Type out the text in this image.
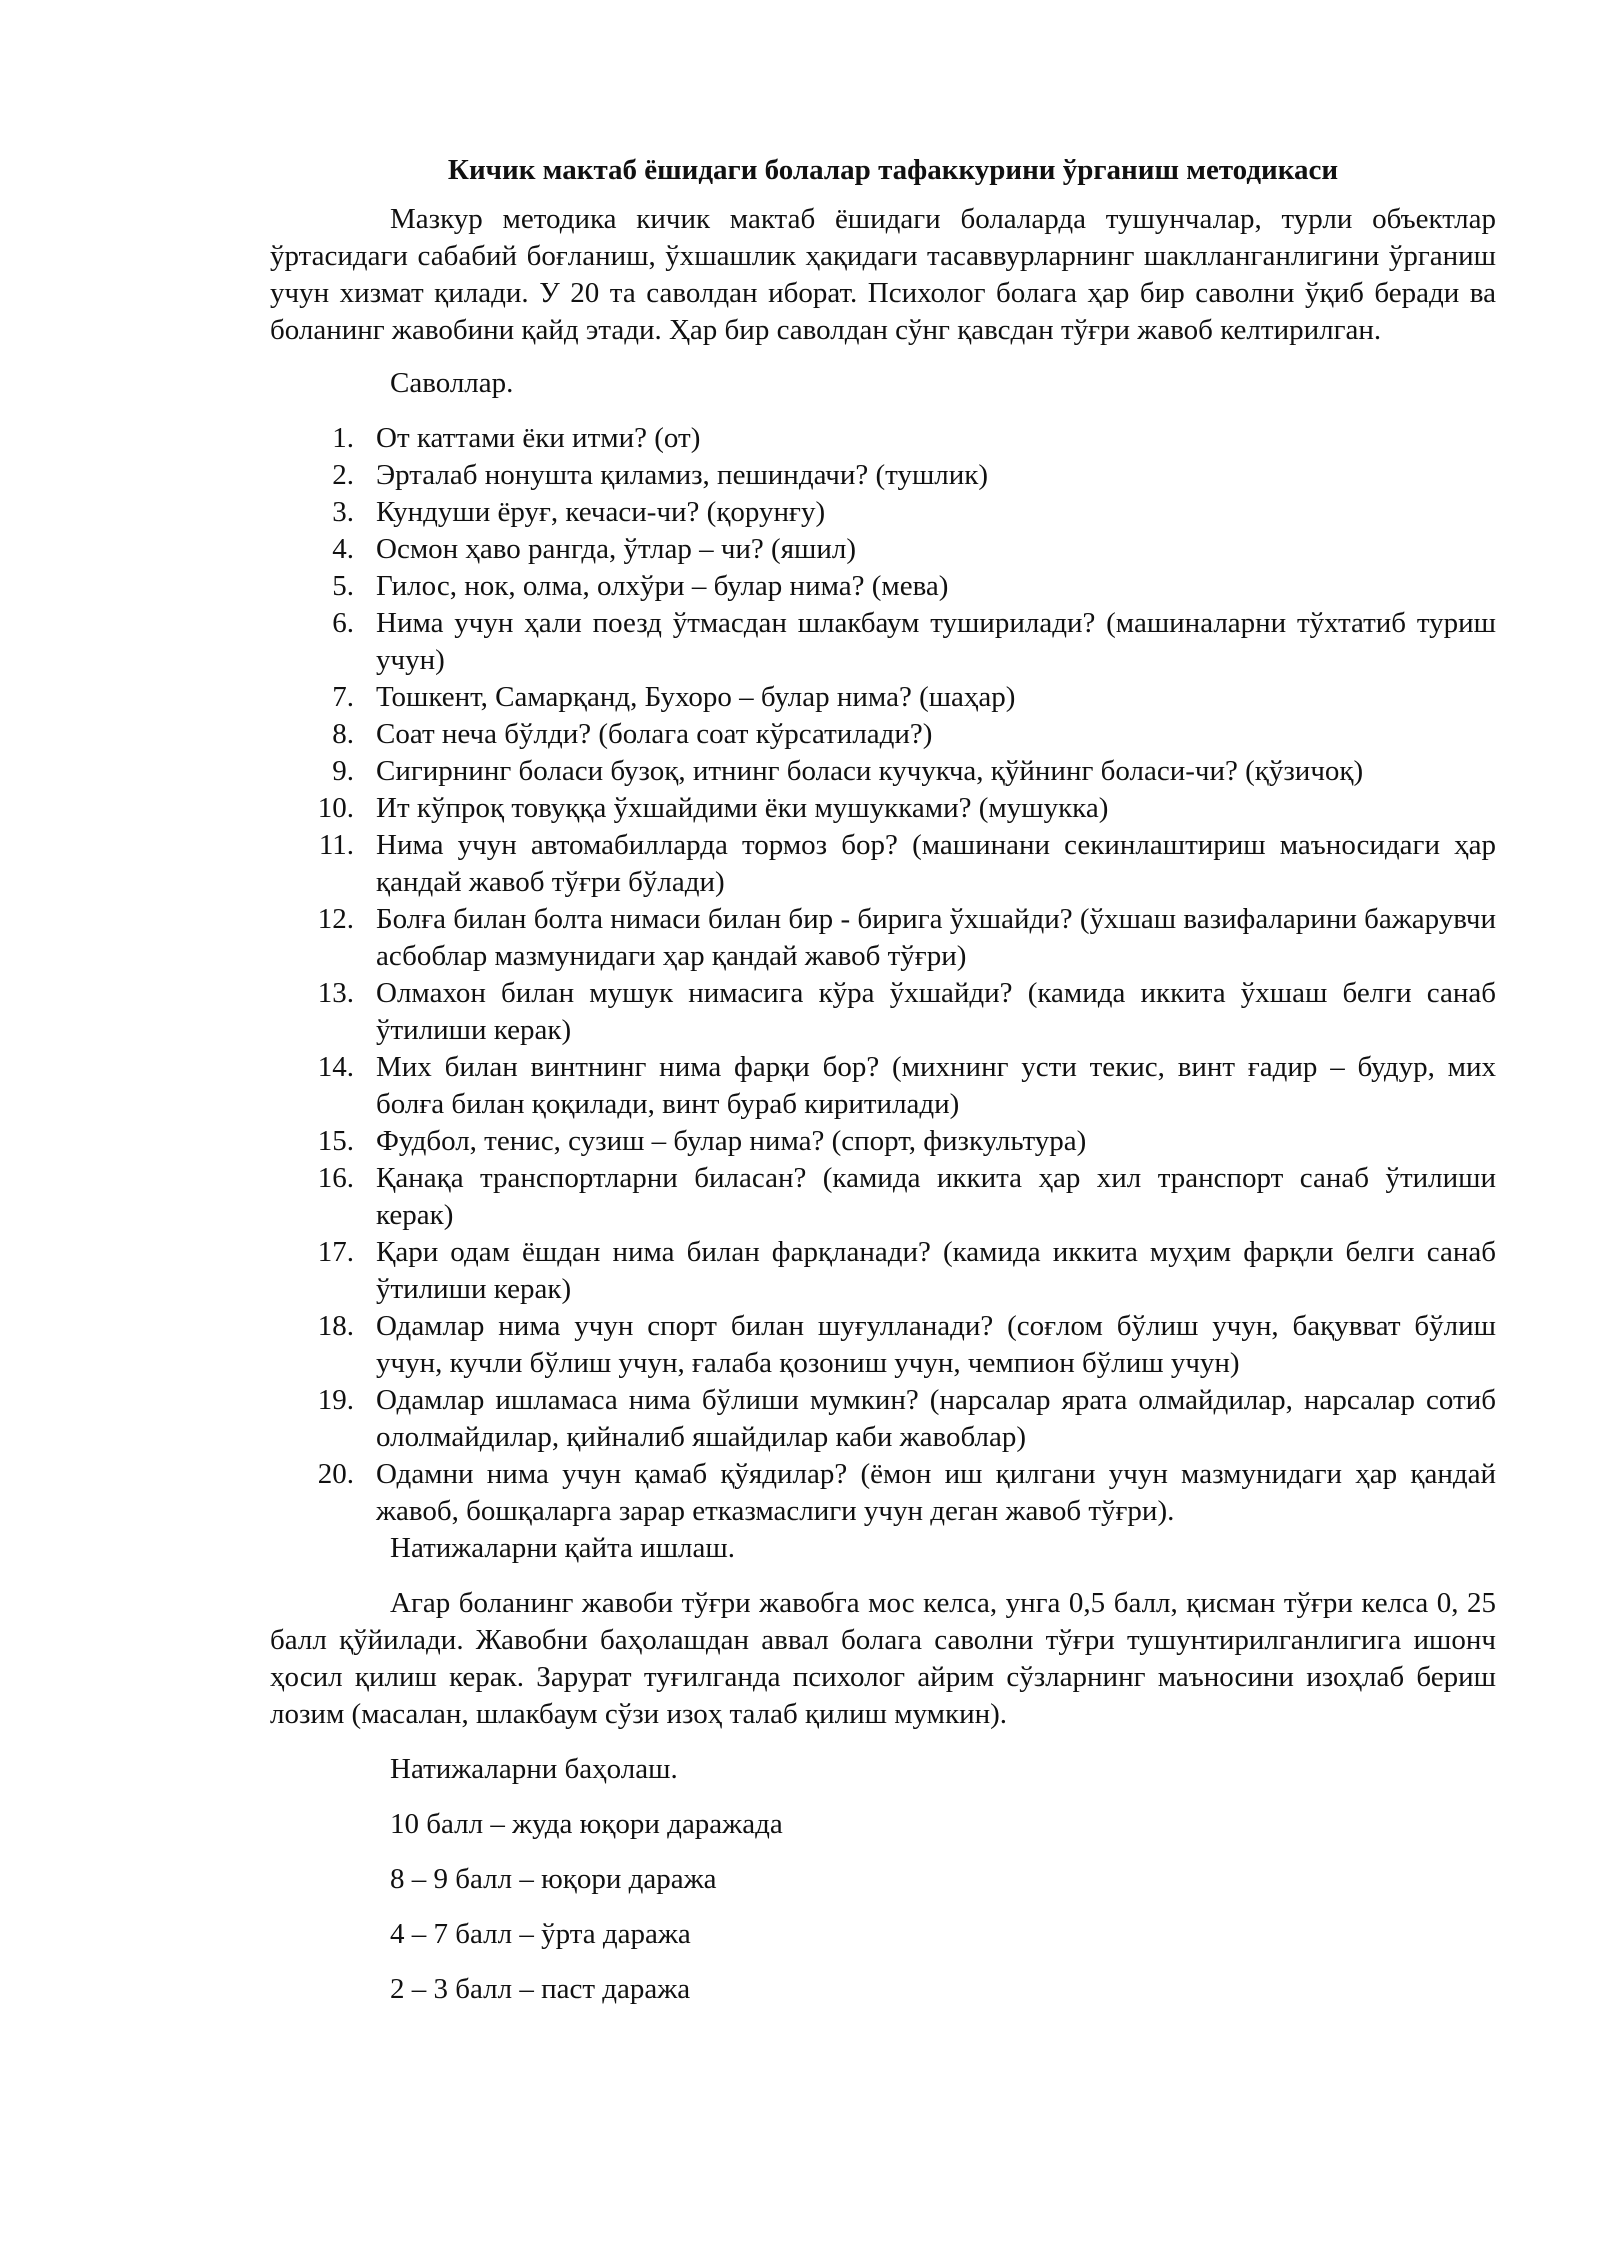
Кичик мактаб ёшидаги болалар тафаккурини ўрганиш методикаси

Мазкур методика кичик мактаб ёшидаги болаларда тушунчалар, турли объектлар ўртасидаги сабабий боғланиш, ўхшашлик ҳақидаги тасаввурларнинг шаклланганлигини ўрганиш учун хизмат қилади. У 20 та саволдан иборат. Психолог болага ҳар бир саволни ўқиб беради ва боланинг жавобини қайд этади. Ҳар бир саволдан сўнг қавсдан тўғри жавоб келтирилган.

Саволлар.

1. От каттами ёки итми? (от)
2. Эрталаб нонушта қиламиз, пешиндачи? (тушлик)
3. Кундуши ёруғ, кечаси-чи? (қорунғу)
4. Осмон ҳаво рангда, ўтлар – чи? (яшил)
5. Гилос, нок, олма, олхўри – булар нима? (мева)
6. Нима учун ҳали поезд ўтмасдан шлакбаум туширилади? (машиналарни тўхтатиб туриш учун)
7. Тошкент, Самарқанд, Бухоро – булар нима? (шаҳар)
8. Соат неча бўлди? (болага соат кўрсатилади?)
9. Сигирнинг боласи бузоқ, итнинг боласи кучукча, қўйнинг боласи-чи? (қўзичоқ)
10. Ит кўпроқ товуққа ўхшайдими ёки мушукками? (мушукка)
11. Нима учун автомабилларда тормоз бор? (машинани секинлаштириш маъносидаги ҳар қандай жавоб тўғри бўлади)
12. Болға билан болта нимаси билан бир - бирига ўхшайди? (ўхшаш вазифаларини бажарувчи асбоблар мазмунидаги ҳар қандай жавоб тўғри)
13. Олмахон билан мушук нимасига кўра ўхшайди? (камида иккита ўхшаш белги санаб ўтилиши керак)
14. Мих билан винтнинг нима фарқи бор? (михнинг усти текис, винт ғадир – будур, мих болға билан қоқилади, винт бураб киритилади)
15. Фудбол, тенис, сузиш – булар нима? (спорт, физкультура)
16. Қанақа транспортларни биласан? (камида иккита ҳар хил транспорт санаб ўтилиши керак)
17. Қари одам ёшдан нима билан фарқланади? (камида иккита муҳим фарқли белги санаб ўтилиши керак)
18. Одамлар нима учун спорт билан шуғулланади? (соғлом бўлиш учун, бақувват бўлиш учун, кучли бўлиш учун, ғалаба қозониш учун, чемпион бўлиш учун)
19. Одамлар ишламаса нима бўлиши мумкин? (нарсалар ярата олмайдилар, нарсалар сотиб ололмайдилар, қийналиб яшайдилар каби жавоблар)
20. Одамни нима учун қамаб қўядилар? (ёмон иш қилгани учун мазмунидаги ҳар қандай жавоб, бошқаларга зарар етказмаслиги учун деган жавоб тўғри).

Натижаларни қайта ишлаш.

Агар боланинг жавоби тўғри жавобга мос келса, унга 0,5 балл, қисман тўғри келса 0, 25 балл қўйилади. Жавобни баҳолашдан аввал болага саволни тўғри тушунтирилганлигига ишонч ҳосил қилиш керак. Зарурат туғилганда психолог айрим сўзларнинг маъносини изоҳлаб бериш лозим (масалан, шлакбаум сўзи изоҳ талаб қилиш мумкин).

Натижаларни баҳолаш.

10 балл – жуда юқори даражада

8 – 9 балл – юқори даража

4 – 7 балл – ўрта даража

2 – 3 балл – паст даража
